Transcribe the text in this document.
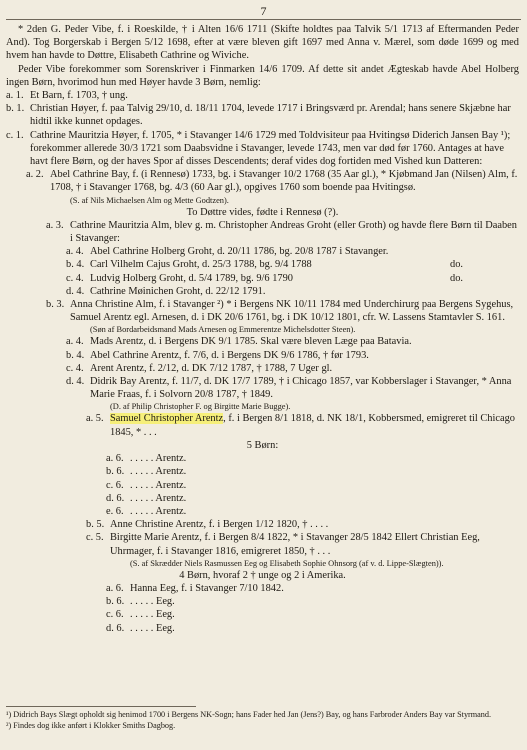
7

* 2den G. Peder Vibe, f. i Roeskilde, † i Alten 16/6 1711 (Skifte holdtes paa Talvik 5/1 1713 af Eftermanden Peder And). Tog Borgerskab i Bergen 5/12 1698, efter at være bleven gift 1697 med Anna v. Mærel, som døde 1699 og med hvem han havde to Døttre, Elisabeth Cathrine og Wiviche.

Peder Vibe forekommer som Sorenskriver i Finmarken 14/6 1709. Af dette sit andet Ægteskab havde Abel Holberg ingen Børn, hvorimod hun med Høyer havde 3 Børn, nemlig:

a. 1. Et Barn, f. 1703, † ung.

b. 1. Christian Høyer, f. paa Talvig 29/10, d. 18/11 1704, levede 1717 i Bringsværd pr. Arendal; hans senere Skjæbne har hidtil ikke kunnet opdages.

c. 1. Cathrine Mauritzia Høyer, f. 1705, * i Stavanger 14/6 1729 med Toldvisiteur paa Hvitingsø Diderich Jansen Bay ¹); forekommer allerede 30/3 1721 som Daabsvidne i Stavanger, levede 1743, men var død før 1760. Antages at have havt flere Børn, og der haves Spor af disses Descendents; deraf vides dog fortiden med Vished kun Datteren:

a. 2. Abel Cathrine Bay, f. (i Rennesø) 1733, bg. i Stavanger 10/2 1768 (35 Aar gl.), * Kjøbmand Jan (Nilsen) Alm, f. 1708, † i Stavanger 1768, bg. 4/3 (60 Aar gl.), opgives 1760 som boende paa Hvitingsø.

(S. af Nils Michaelsen Alm og Mette Godtzen).

To Døttre vides, fødte i Rennesø (?).

a. 3. Cathrine Mauritzia Alm, blev g. m. Christopher Andreas Groht (eller Groth) og havde flere Børn til Daaben i Stavanger:

a. 4. Abel Cathrine Holberg Groht, d. 20/11 1786, bg. 20/8 1787 i Stavanger.

b. 4. Carl Vilhelm Cajus Groht, d. 25/3 1788, bg. 9/4 1788	do.

c. 4. Ludvig Holberg Groht, d. 5/4 1789, bg. 9/6 1790	do.

d. 4. Cathrine Møinichen Groht, d. 22/12 1791.

b. 3. Anna Christine Alm, f. i Stavanger ²) * i Bergens NK 10/11 1784 med Underchirurg paa Bergens Sygehus, Samuel Arentz egl. Arnesen, d. i DK 20/6 1761, bg. i DK 10/12 1801, cfr. W. Lassens Stamtavler S. 161.

(Søn af Bordarbeidsmand Mads Arnesen og Emmerentze Michelsdotter Steen).

a. 4. Mads Arentz, d. i Bergens DK 9/1 1785. Skal være bleven Læge paa Batavia.

b. 4. Abel Cathrine Arentz, f. 7/6, d. i Bergens DK 9/6 1786, † før 1793.

c. 4. Arent Arentz, f. 2/12, d. DK 7/12 1787, † 1788, 7 Uger gl.

d. 4. Didrik Bay Arentz, f. 11/7, d. DK 17/7 1789, † i Chicago 1857, var Kobberslager i Stavanger, * Anna Marie Fraas, f. i Solvorn 20/8 1787, † 1849.

(D. af Philip Christopher F. og Birgitte Marie Bugge).

a. 5. Samuel Christopher Arentz, f. i Bergen 8/1 1818, d. NK 18/1, Kobbersmed, emigreret til Chicago 1845, * . . .

5 Børn:

a. 6. . . . . . Arentz.

b. 6. . . . . . Arentz.

c. 6. . . . . . Arentz.

d. 6. . . . . . Arentz.

e. 6. . . . . . Arentz.

b. 5. Anne Christine Arentz, f. i Bergen 1/12 1820, † . . . .

c. 5. Birgitte Marie Arentz, f. i Bergen 8/4 1822, * i Stavanger 28/5 1842 Ellert Christian Eeg, Uhrmager, f. i Stavanger 1816, emigreret 1850, † . . .

(S. af Skrædder Niels Rasmussen Eeg og Elisabeth Sophie Ohnsorg (af v. d. Lippe-Slægten)).

4 Børn, hvoraf 2 † unge og 2 i Amerika.

a. 6. Hanna Eeg, f. i Stavanger 7/10 1842.

b. 6. . . . . . Eeg.

c. 6. . . . . . Eeg.

d. 6. . . . . . Eeg.

¹) Didrich Bays Slægt opholdt sig henimod 1700 i Bergens NK-Sogn; hans Fader hed Jan (Jens?) Bay, og hans Farbroder Anders Bay var Styrmand.

²) Findes dog ikke anført i Klokker Smiths Dagbog.
